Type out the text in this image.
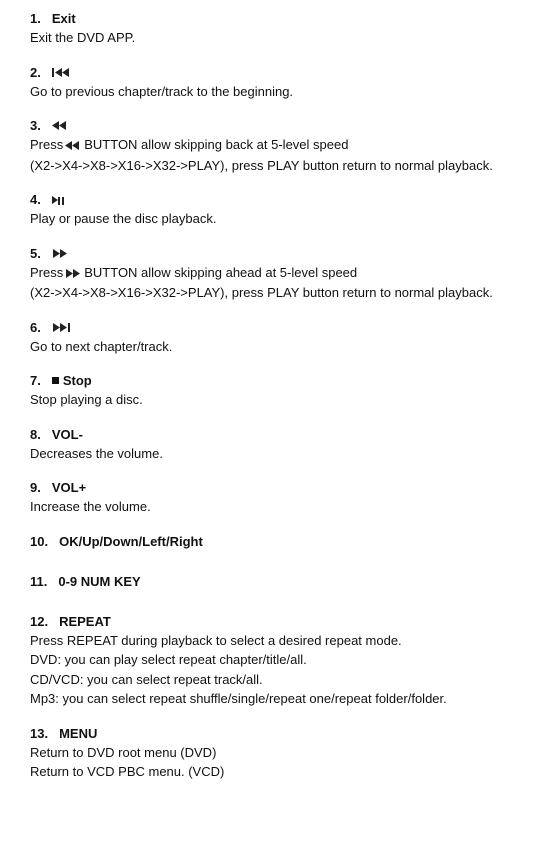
1. Exit
Exit the DVD APP.
2.
Go to previous chapter/track to the beginning.
3.
Press BUTTON allow skipping back at 5-level speed
(X2->X4->X8->X16->X32->PLAY), press PLAY button return to normal playback.
4.
Play or pause the disc playback.
5.
Press BUTTON allow skipping ahead at 5-level speed
(X2->X4->X8->X16->X32->PLAY), press PLAY button return to normal playback.
6.
Go to next chapter/track.
7. Stop
Stop playing a disc.
8. VOL-
Decreases the volume.
9. VOL+
Increase the volume.
10. OK/Up/Down/Left/Right
11. 0-9 NUM KEY
12. REPEAT
Press REPEAT during playback to select a desired repeat mode.
DVD: you can play select repeat chapter/title/all.
CD/VCD: you can select repeat track/all.
Mp3: you can select repeat shuffle/single/repeat one/repeat folder/folder.
13. MENU
Return to DVD root menu (DVD)
Return to VCD PBC menu. (VCD)
